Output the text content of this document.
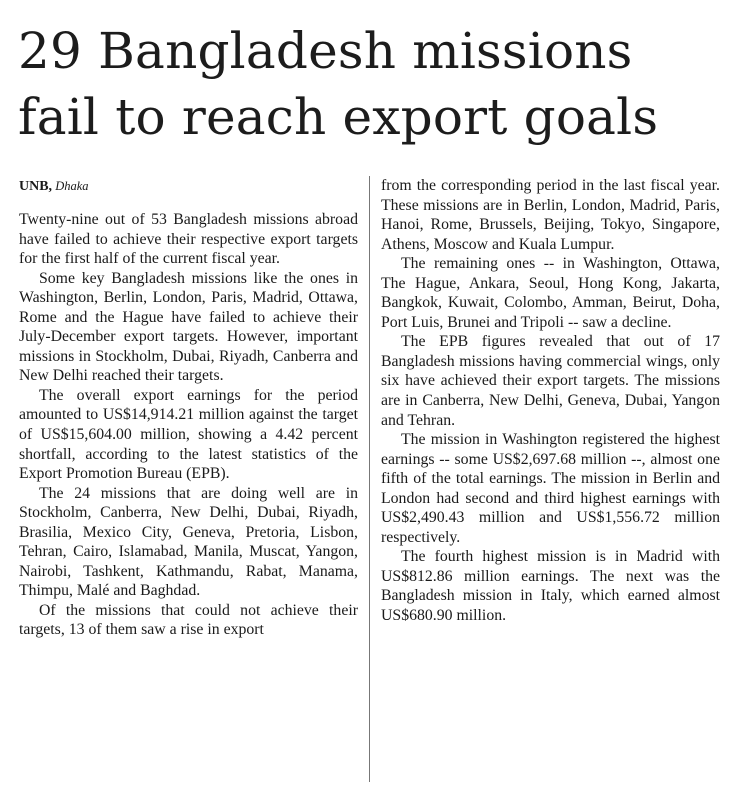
29 Bangladesh missions
fail to reach export goals
UNB, Dhaka

Twenty-nine out of 53 Bangladesh missions abroad have failed to achieve their respective export targets for the first half of the current fiscal year.

Some key Bangladesh missions like the ones in Washington, Berlin, London, Paris, Madrid, Ottawa, Rome and the Hague have failed to achieve their July-December export targets. However, important missions in Stockholm, Dubai, Riyadh, Canberra and New Delhi reached their targets.

The overall export earnings for the period amounted to US$14,914.21 million against the target of US$15,604.00 million, showing a 4.42 percent shortfall, according to the latest statistics of the Export Promotion Bureau (EPB).

The 24 missions that are doing well are in Stockholm, Canberra, New Delhi, Dubai, Riyadh, Brasilia, Mexico City, Geneva, Pretoria, Lisbon, Tehran, Cairo, Islamabad, Manila, Muscat, Yangon, Nairobi, Tashkent, Kathmandu, Rabat, Manama, Thimpu, Malé and Baghdad.

Of the missions that could not achieve their targets, 13 of them saw a rise in export

from the corresponding period in the last fiscal year. These missions are in Berlin, London, Madrid, Paris, Hanoi, Rome, Brussels, Beijing, Tokyo, Singapore, Athens, Moscow and Kuala Lumpur.

The remaining ones -- in Washington, Ottawa, The Hague, Ankara, Seoul, Hong Kong, Jakarta, Bangkok, Kuwait, Colombo, Amman, Beirut, Doha, Port Luis, Brunei and Tripoli -- saw a decline.

The EPB figures revealed that out of 17 Bangladesh missions having commercial wings, only six have achieved their export targets. The missions are in Canberra, New Delhi, Geneva, Dubai, Yangon and Tehran.

The mission in Washington registered the highest earnings -- some US$2,697.68 million --, almost one fifth of the total earnings. The mission in Berlin and London had second and third highest earnings with US$2,490.43 million and US$1,556.72 million respectively.

The fourth highest mission is in Madrid with US$812.86 million earnings. The next was the Bangladesh mission in Italy, which earned almost US$680.90 million.
